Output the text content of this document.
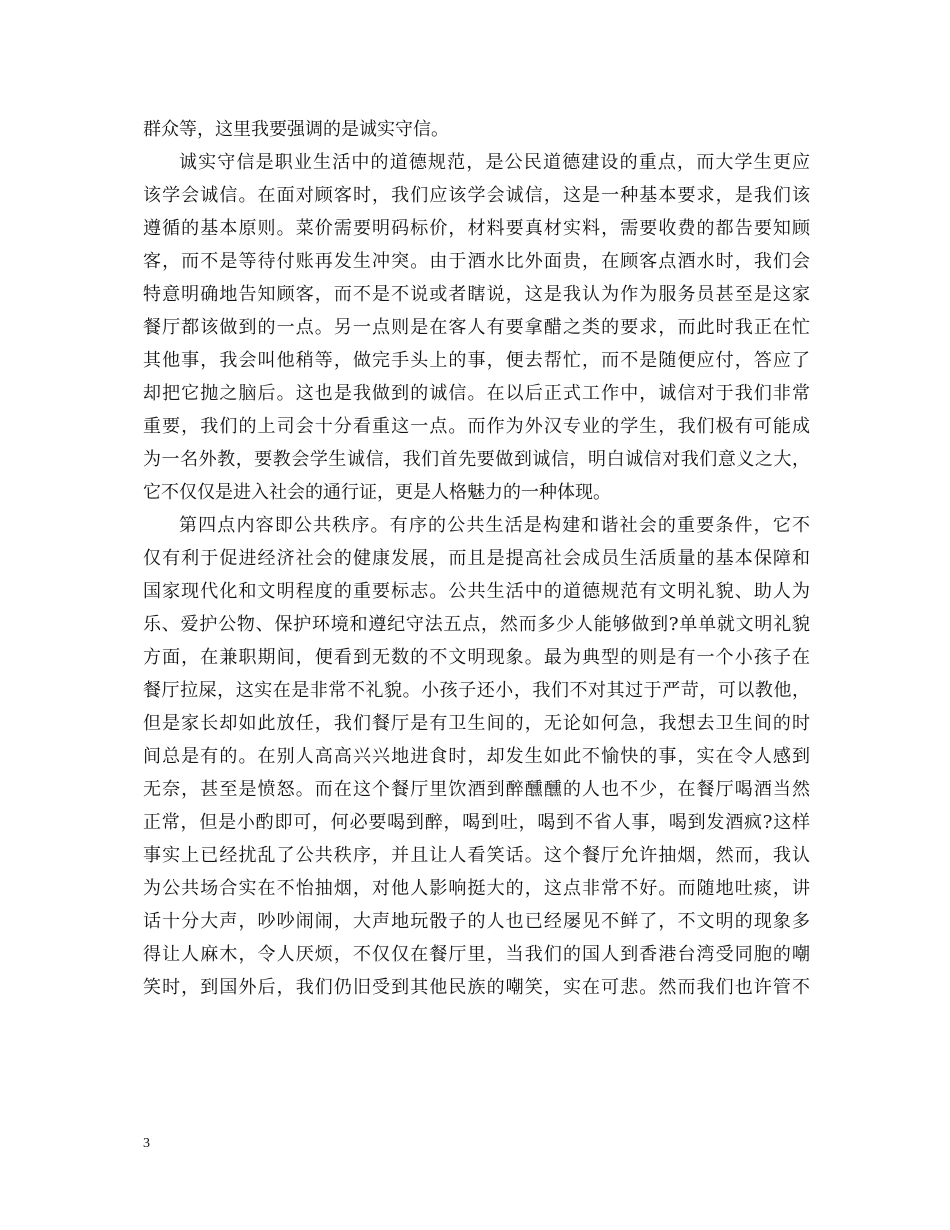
群众等，这里我要强调的是诚实守信。
诚实守信是职业生活中的道德规范，是公民道德建设的重点，而大学生更应
该学会诚信。在面对顾客时，我们应该学会诚信，这是一种基本要求，是我们该
遵循的基本原则。菜价需要明码标价，材料要真材实料，需要收费的都告要知顾
客，而不是等待付账再发生冲突。由于酒水比外面贵，在顾客点酒水时，我们会
特意明确地告知顾客，而不是不说或者瞎说，这是我认为作为服务员甚至是这家
餐厅都该做到的一点。另一点则是在客人有要拿醋之类的要求，而此时我正在忙
其他事，我会叫他稍等，做完手头上的事，便去帮忙，而不是随便应付，答应了
却把它抛之脑后。这也是我做到的诚信。在以后正式工作中，诚信对于我们非常
重要，我们的上司会十分看重这一点。而作为外汉专业的学生，我们极有可能成
为一名外教，要教会学生诚信，我们首先要做到诚信，明白诚信对我们意义之大，
它不仅仅是进入社会的通行证，更是人格魅力的一种体现。
第四点内容即公共秩序。有序的公共生活是构建和谐社会的重要条件，它不
仅有利于促进经济社会的健康发展，而且是提高社会成员生活质量的基本保障和
国家现代化和文明程度的重要标志。公共生活中的道德规范有文明礼貌、助人为
乐、爱护公物、保护环境和遵纪守法五点，然而多少人能够做到?单单就文明礼貌
方面，在兼职期间，便看到无数的不文明现象。最为典型的则是有一个小孩子在
餐厅拉屎，这实在是非常不礼貌。小孩子还小，我们不对其过于严苛，可以教他，
但是家长却如此放任，我们餐厅是有卫生间的，无论如何急，我想去卫生间的时
间总是有的。在别人高高兴兴地进食时，却发生如此不愉快的事，实在令人感到
无奈，甚至是愤怒。而在这个餐厅里饮酒到醉醺醺的人也不少，在餐厅喝酒当然
正常，但是小酌即可，何必要喝到醉，喝到吐，喝到不省人事，喝到发酒疯?这样
事实上已经扰乱了公共秩序，并且让人看笑话。这个餐厅允许抽烟，然而，我认
为公共场合实在不怡抽烟，对他人影响挺大的，这点非常不好。而随地吐痰，讲
话十分大声，吵吵闹闹，大声地玩骰子的人也已经屡见不鲜了，不文明的现象多
得让人麻木，令人厌烦，不仅仅在餐厅里，当我们的国人到香港台湾受同胞的嘲
笑时，到国外后，我们仍旧受到其他民族的嘲笑，实在可悲。然而我们也许管不
3
